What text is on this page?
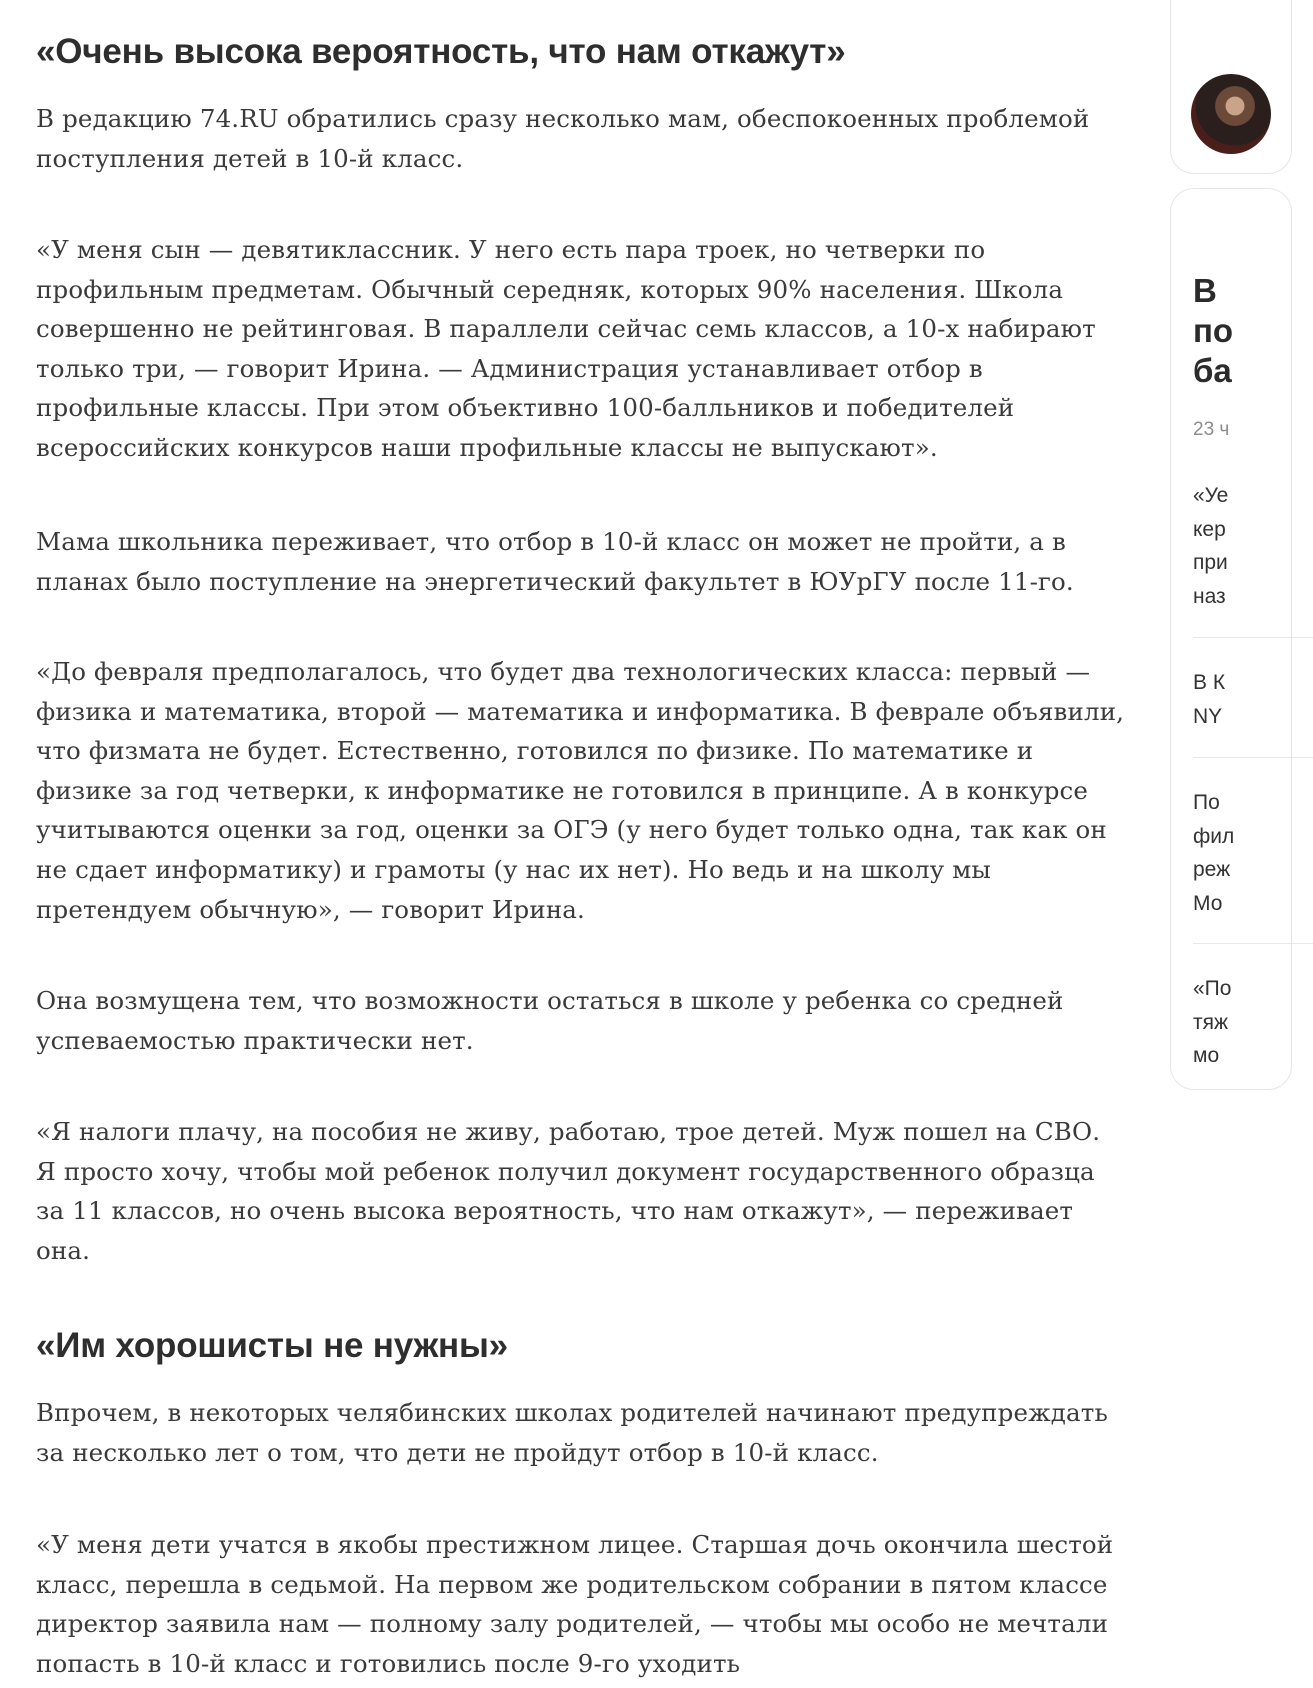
«Очень высока вероятность, что нам откажут»

В редакцию 74.RU обратились сразу несколько мам, обеспокоенных проблемой поступления детей в 10-й класс.

«У меня сын — девятиклассник. У него есть пара троек, но четверки по профильным предметам. Обычный середняк, которых 90% населения. Школа совершенно не рейтинговая. В параллели сейчас семь классов, а 10-х набирают только три, — говорит Ирина. — Администрация устанавливает отбор в профильные классы. При этом объективно 100-балльников и победителей всероссийских конкурсов наши профильные классы не выпускают».

Мама школьника переживает, что отбор в 10-й класс он может не пройти, а в планах было поступление на энергетический факультет в ЮУрГУ после 11-го.

«До февраля предполагалось, что будет два технологических класса: первый — физика и математика, второй — математика и информатика. В феврале объявили, что физмата не будет. Естественно, готовился по физике. По математике и физике за год четверки, к информатике не готовился в принципе. А в конкурсе учитываются оценки за год, оценки за ОГЭ (у него будет только одна, так как он не сдает информатику) и грамоты (у нас их нет). Но ведь и на школу мы претендуем обычную», — говорит Ирина.

Она возмущена тем, что возможности остаться в школе у ребенка со средней успеваемостью практически нет.

«Я налоги плачу, на пособия не живу, работаю, трое детей. Муж пошел на СВО. Я просто хочу, чтобы мой ребенок получил документ государственного образца за 11 классов, но очень высока вероятность, что нам откажут», — переживает она.

«Им хорошисты не нужны»

Впрочем, в некоторых челябинских школах родителей начинают предупреждать за несколько лет о том, что дети не пройдут отбор в 10-й класс.

«У меня дети учатся в якобы престижном лицее. Старшая дочь окончила шестой класс, перешла в седьмой. На первом же родительском собрании в пятом классе директор заявила нам — полному залу родителей, — чтобы мы особо не мечтали попасть в 10-й класс и готовились после 9-го уходить

В
по
ба
23 ч
«Уе
кер
при
наз
В К
NY
По
фил
реж
Мо
«По
тяж
мо
